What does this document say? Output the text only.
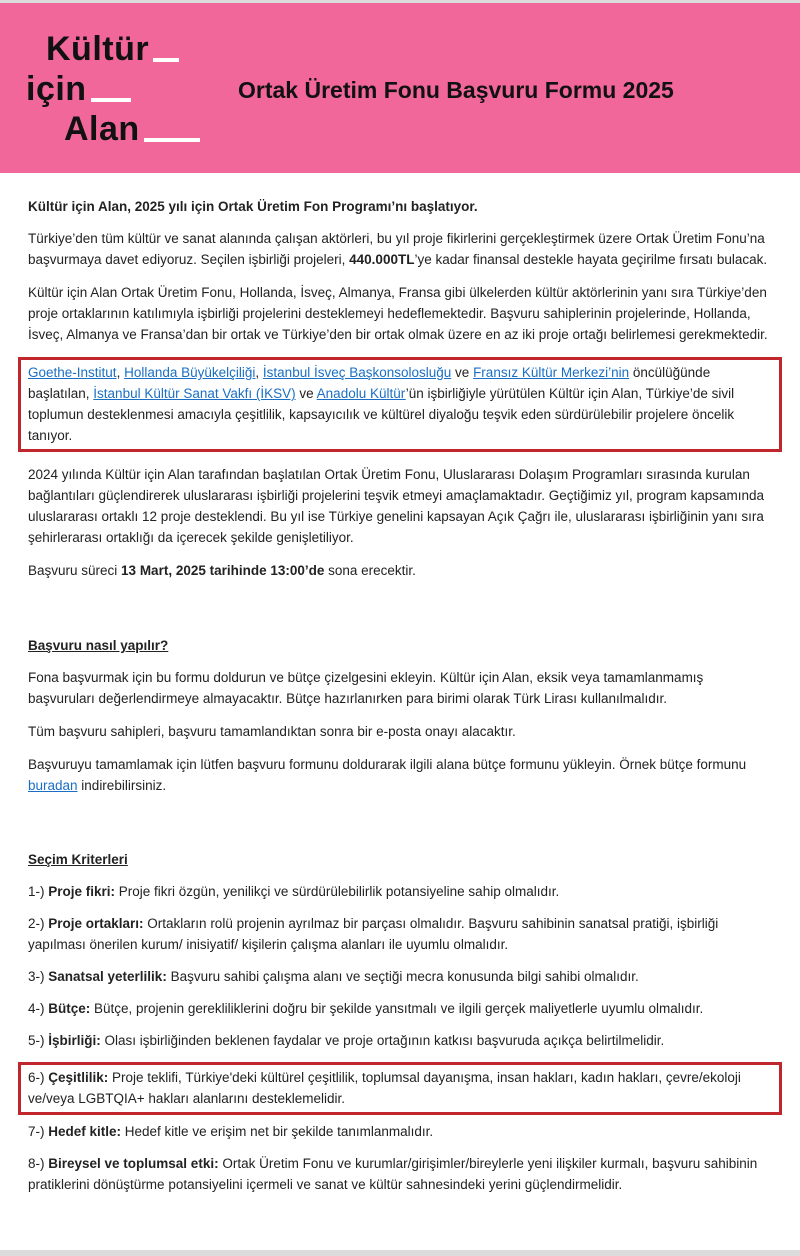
Kültür
için
Alan
Ortak Üretim Fonu Başvuru Formu 2025

Kültür için Alan, 2025 yılı için Ortak Üretim Fon Programı’nı başlatıyor.

Türkiye’den tüm kültür ve sanat alanında çalışan aktörleri, bu yıl proje fikirlerini gerçekleştirmek üzere Ortak Üretim Fonu’na başvurmaya davet ediyoruz. Seçilen işbirliği projeleri, 440.000TL’ye kadar finansal destekle hayata geçirilme fırsatı bulacak.

Kültür için Alan Ortak Üretim Fonu, Hollanda, İsveç, Almanya, Fransa gibi ülkelerden kültür aktörlerinin yanı sıra Türkiye’den proje ortaklarının katılımıyla işbirliği projelerini desteklemeyi hedeflemektedir. Başvuru sahiplerinin projelerinde, Hollanda, İsveç, Almanya ve Fransa’dan bir ortak ve Türkiye’den bir ortak olmak üzere en az iki proje ortağı belirlemesi gerekmektedir.

Goethe-Institut, Hollanda Büyükelçiliği, İstanbul İsveç Başkonsolosluğu ve Fransız Kültür Merkezi’nin öncülüğünde başlatılan, İstanbul Kültür Sanat Vakfı (İKSV) ve Anadolu Kültür’ün işbirliğiyle yürütülen Kültür için Alan, Türkiye’de sivil toplumun desteklenmesi amacıyla çeşitlilik, kapsayıcılık ve kültürel diyaloğu teşvik eden sürdürülebilir projelere öncelik tanıyor.

2024 yılında Kültür için Alan tarafından başlatılan Ortak Üretim Fonu, Uluslararası Dolaşım Programları sırasında kurulan bağlantıları güçlendirerek uluslararası işbirliği projelerini teşvik etmeyi amaçlamaktadır. Geçtiğimiz yıl, program kapsamında uluslararası ortaklı 12 proje desteklendi. Bu yıl ise Türkiye genelini kapsayan Açık Çağrı ile, uluslararası işbirliğinin yanı sıra şehirlerarası ortaklığı da içerecek şekilde genişletiliyor.

Başvuru süreci 13 Mart, 2025 tarihinde 13:00’de sona erecektir.

Başvuru nasıl yapılır?

Fona başvurmak için bu formu doldurun ve bütçe çizelgesini ekleyin. Kültür için Alan, eksik veya tamamlanmamış başvuruları değerlendirmeye almayacaktır. Bütçe hazırlanırken para birimi olarak Türk Lirası kullanılmalıdır.

Tüm başvuru sahipleri, başvuru tamamlandıktan sonra bir e-posta onayı alacaktır.

Başvuruyu tamamlamak için lütfen başvuru formunu doldurarak ilgili alana bütçe formunu yükleyin. Örnek bütçe formunu buradan indirebilirsiniz.

Seçim Kriterleri

1-) Proje fikri: Proje fikri özgün, yenilikçi ve sürdürülebilirlik potansiyeline sahip olmalıdır.

2-) Proje ortakları: Ortakların rolü projenin ayrılmaz bir parçası olmalıdır. Başvuru sahibinin sanatsal pratiği, işbirliği yapılması önerilen kurum/ inisiyatif/ kişilerin çalışma alanları ile uyumlu olmalıdır.

3-) Sanatsal yeterlilik: Başvuru sahibi çalışma alanı ve seçtiği mecra konusunda bilgi sahibi olmalıdır.

4-) Bütçe: Bütçe, projenin gerekliliklerini doğru bir şekilde yansıtmalı ve ilgili gerçek maliyetlerle uyumlu olmalıdır.

5-) İşbirliği: Olası işbirliğinden beklenen faydalar ve proje ortağının katkısı başvuruda açıkça belirtilmelidir.

6-) Çeşitlilik: Proje teklifi, Türkiye'deki kültürel çeşitlilik, toplumsal dayanışma, insan hakları, kadın hakları, çevre/ekoloji ve/veya LGBTQIA+ hakları alanlarını desteklemelidir.

7-) Hedef kitle: Hedef kitle ve erişim net bir şekilde tanımlanmalıdır.

8-) Bireysel ve toplumsal etki: Ortak Üretim Fonu ve kurumlar/girişimler/bireylerle yeni ilişkiler kurmalı, başvuru sahibinin pratiklerini dönüştürme potansiyelini içermeli ve sanat ve kültür sahnesindeki yerini güçlendirmelidir.
